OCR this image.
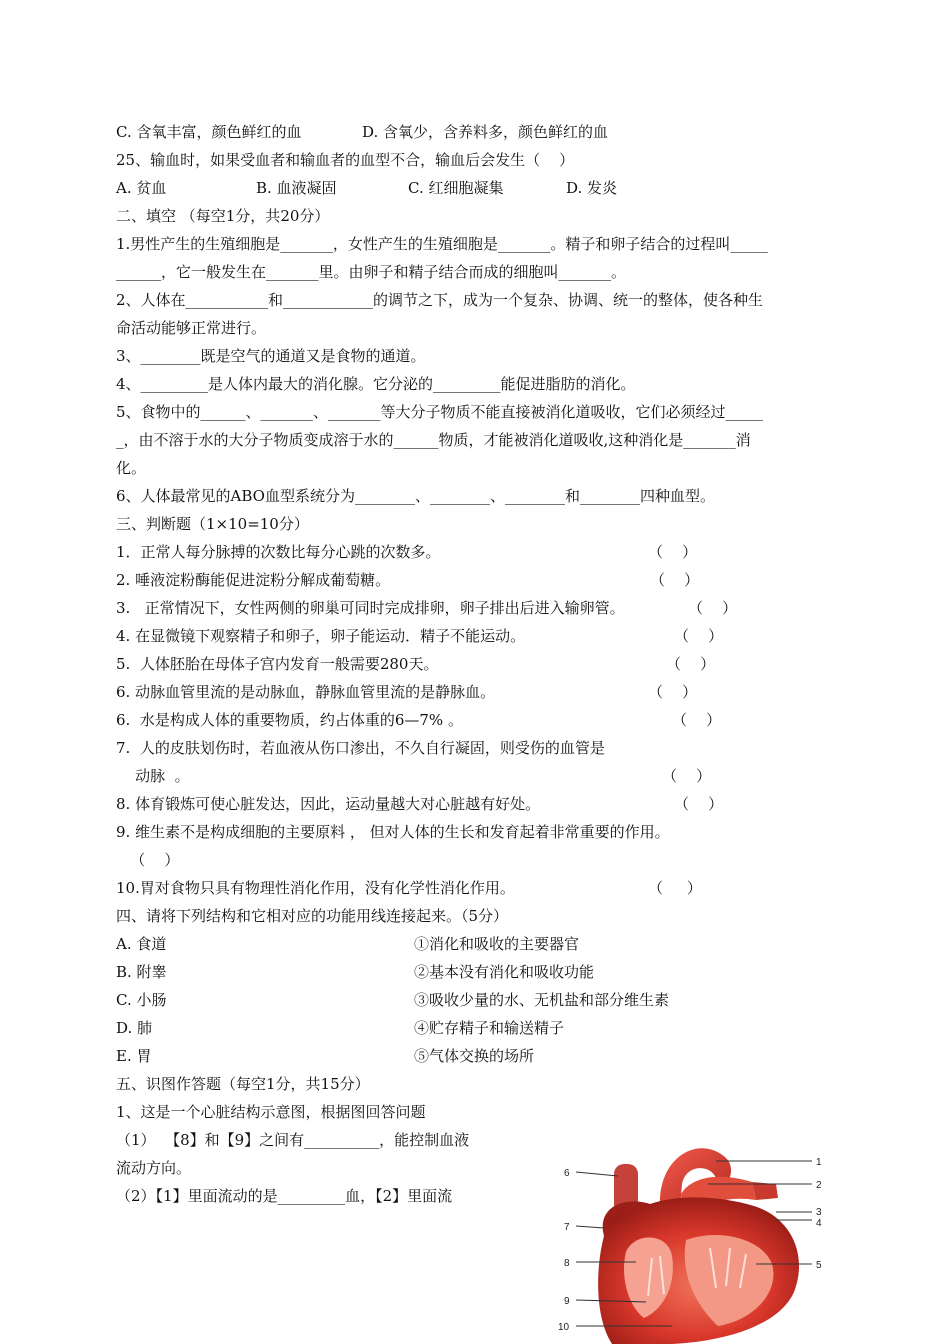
C. 含氧丰富，颜色鲜红的血	D. 含氧少，含养料多，颜色鲜红的血
25、输血时，如果受血者和输血者的血型不合，输血后会发生（    ）
A. 贫血	B. 血液凝固	C. 红细胞凝集	D. 发炎
二、填空 （每空1分，共20分）
1.男性产生的生殖细胞是_______，女性产生的生殖细胞是_______。精子和卵子结合的过程叫_____
______，它一般发生在_______里。由卵子和精子结合而成的细胞叫_______。
2、人体在___________和____________的调节之下，成为一个复杂、协调、统一的整体，使各种生
命活动能够正常进行。
3、________既是空气的通道又是食物的通道。
4、_________是人体内最大的消化腺。它分泌的_________能促进脂肪的消化。
5、食物中的______、_______、_______等大分子物质不能直接被消化道吸收，它们必须经过_____
_，由不溶于水的大分子物质变成溶于水的______物质，才能被消化道吸收,这种消化是_______消
化。
6、人体最常见的ABO血型系统分为________、________、________和________四种血型。
三、判断题（1×10=10分）
1．正常人每分脉搏的次数比每分心跳的次数多。	（    ）
2. 唾液淀粉酶能促进淀粉分解成葡萄糖。	（    ）
3.   正常情况下，女性两侧的卵巢可同时完成排卵，卵子排出后进入输卵管。	（    ）
4. 在显微镜下观察精子和卵子，卵子能运动．精子不能运动。	（    ）
5.  人体胚胎在母体子宫内发育一般需要280天。	（    ）
6. 动脉血管里流的是动脉血，静脉血管里流的是静脉血。	（    ）
6.  水是构成人体的重要物质，约占体重的6—7% 。	（    ）
7.  人的皮肤划伤时，若血液从伤口渗出，不久自行凝固，则受伤的血管是
动脉  。	（    ）
8. 体育锻炼可使心脏发达，因此，运动量越大对心脏越有好处。	（    ）
9. 维生素不是构成细胞的主要原料 ， 但对人体的生长和发育起着非常重要的作用。
（    ）
10.胃对食物只具有物理性消化作用，没有化学性消化作用。	（     ）
四、请将下列结构和它相对应的功能用线连接起来。（5分）
A. 食道	①消化和吸收的主要器官
B. 附睾	②基本没有消化和吸收功能
C. 小肠	③吸收少量的水、无机盐和部分维生素
D. 肺	④贮存精子和输送精子
E. 胃	⑤气体交换的场所
五、识图作答题（每空1分，共15分）
1、这是一个心脏结构示意图，根据图回答问题
（1）  【8】和【9】之间有__________，能控制血液
流动方向。
（2）【1】里面流动的是_________血，【2】里面流
1
2
3
4
5
6
7
8
9
10
